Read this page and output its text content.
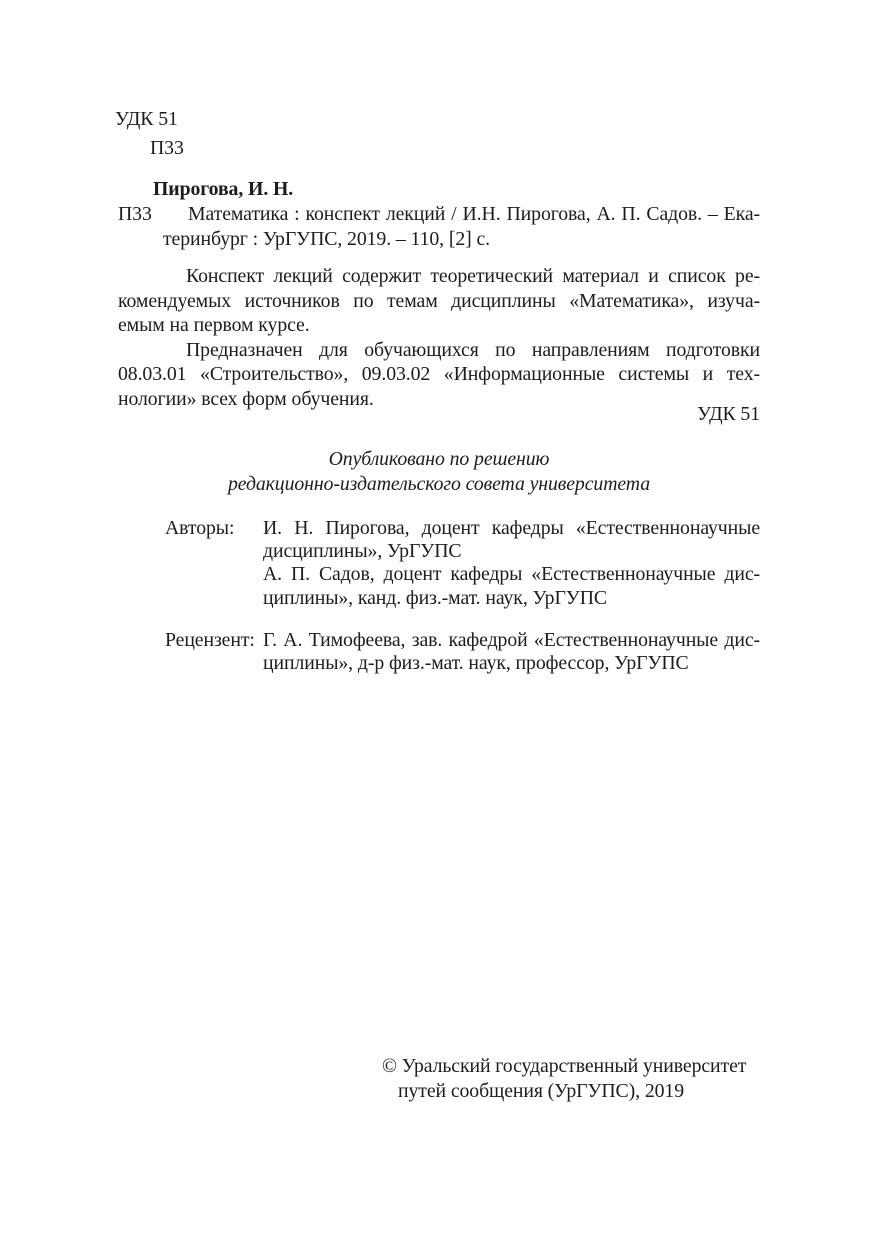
УДК 51
П33
Пирогова, И. Н.
П33	Математика : конспект лекций / И.Н. Пирогова, А. П. Садов. – Ека-
теринбург : УрГУПС, 2019. – 110, [2] с.
Конспект лекций содержит теоретический материал и список ре-
комендуемых источников по темам дисциплины «Математика», изуча-
емым на первом курсе.
Предназначен для обучающихся по направлениям подготовки
08.03.01 «Строительство», 09.03.02 «Информационные системы и тех-
нологии» всех форм обучения.
УДК 51
Опубликовано по решению
редакционно-издательского совета университета
Авторы: И. Н. Пирогова, доцент кафедры «Естественнонаучные
дисциплины», УрГУПС
А. П. Садов, доцент кафедры «Естественнонаучные дис-
циплины», канд. физ.-мат. наук, УрГУПС
Рецензент: Г. А. Тимофеева, зав. кафедрой «Естественнонаучные дис-
циплины», д-р физ.-мат. наук, профессор, УрГУПС
© Уральский государственный университет
путей сообщения (УрГУПС), 2019
